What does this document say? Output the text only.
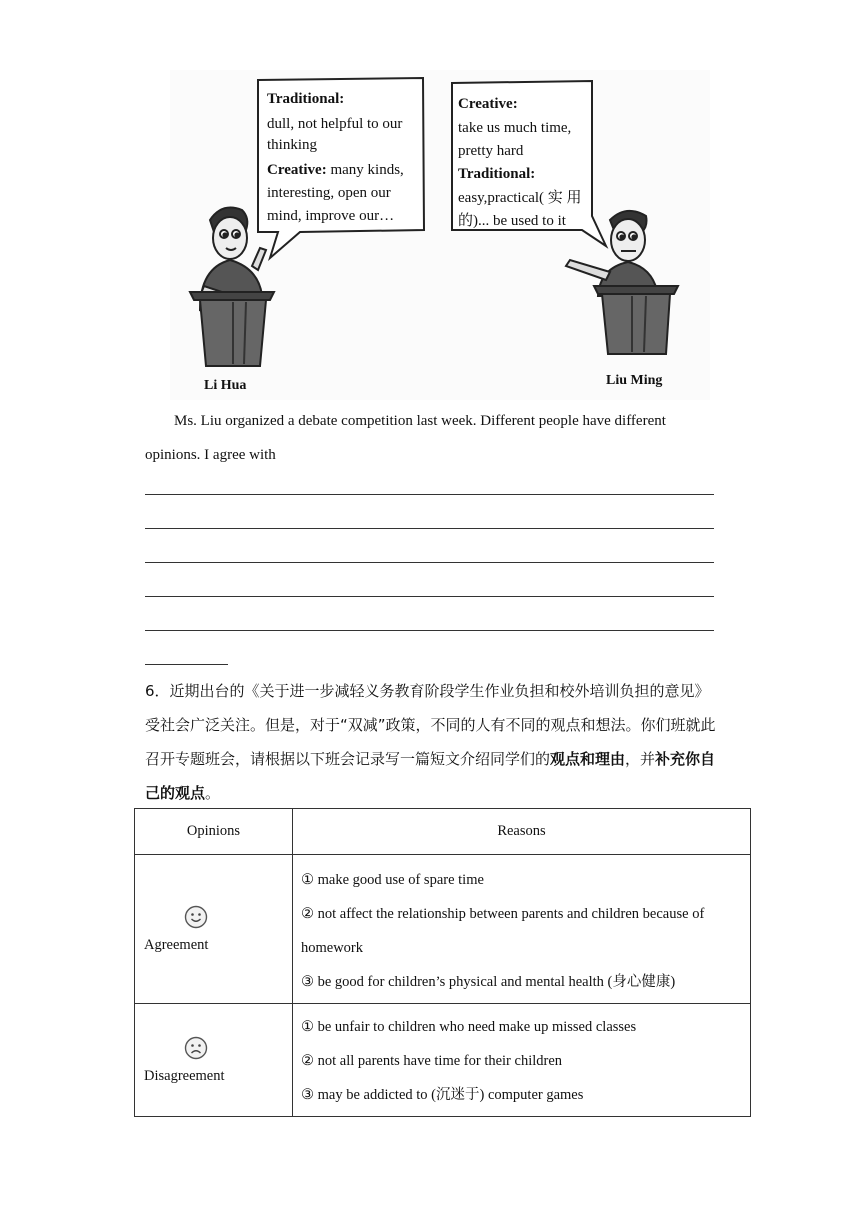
Traditional:
dull, not helpful to our
thinking
Creative: many kinds,
interesting, open our
mind, improve our…
Creative:
take us much time,
pretty hard
Traditional:
easy,practical( 实 用
的)... be used to it
Li Hua	Liu Ming
Ms. Liu organized a debate competition last week. Different people have different
opinions. I agree with
6．近期出台的《关于进一步减轻义务教育阶段学生作业负担和校外培训负担的意见》
受社会广泛关注。但是，对于“双减”政策，不同的人有不同的观点和想法。你们班就此
召开专题班会，请根据以下班会记录写一篇短文介绍同学们的观点和理由，并补充你自
己的观点。
Opinions	Reasons

Agreement	① make good use of spare time
② not affect the relationship between parents and children because of
homework
③ be good for children’s physical and mental health (身心健康)

Disagreement	① be unfair to children who need make up missed classes
② not all parents have time for their children
③ may be addicted to (沉迷于) computer games
